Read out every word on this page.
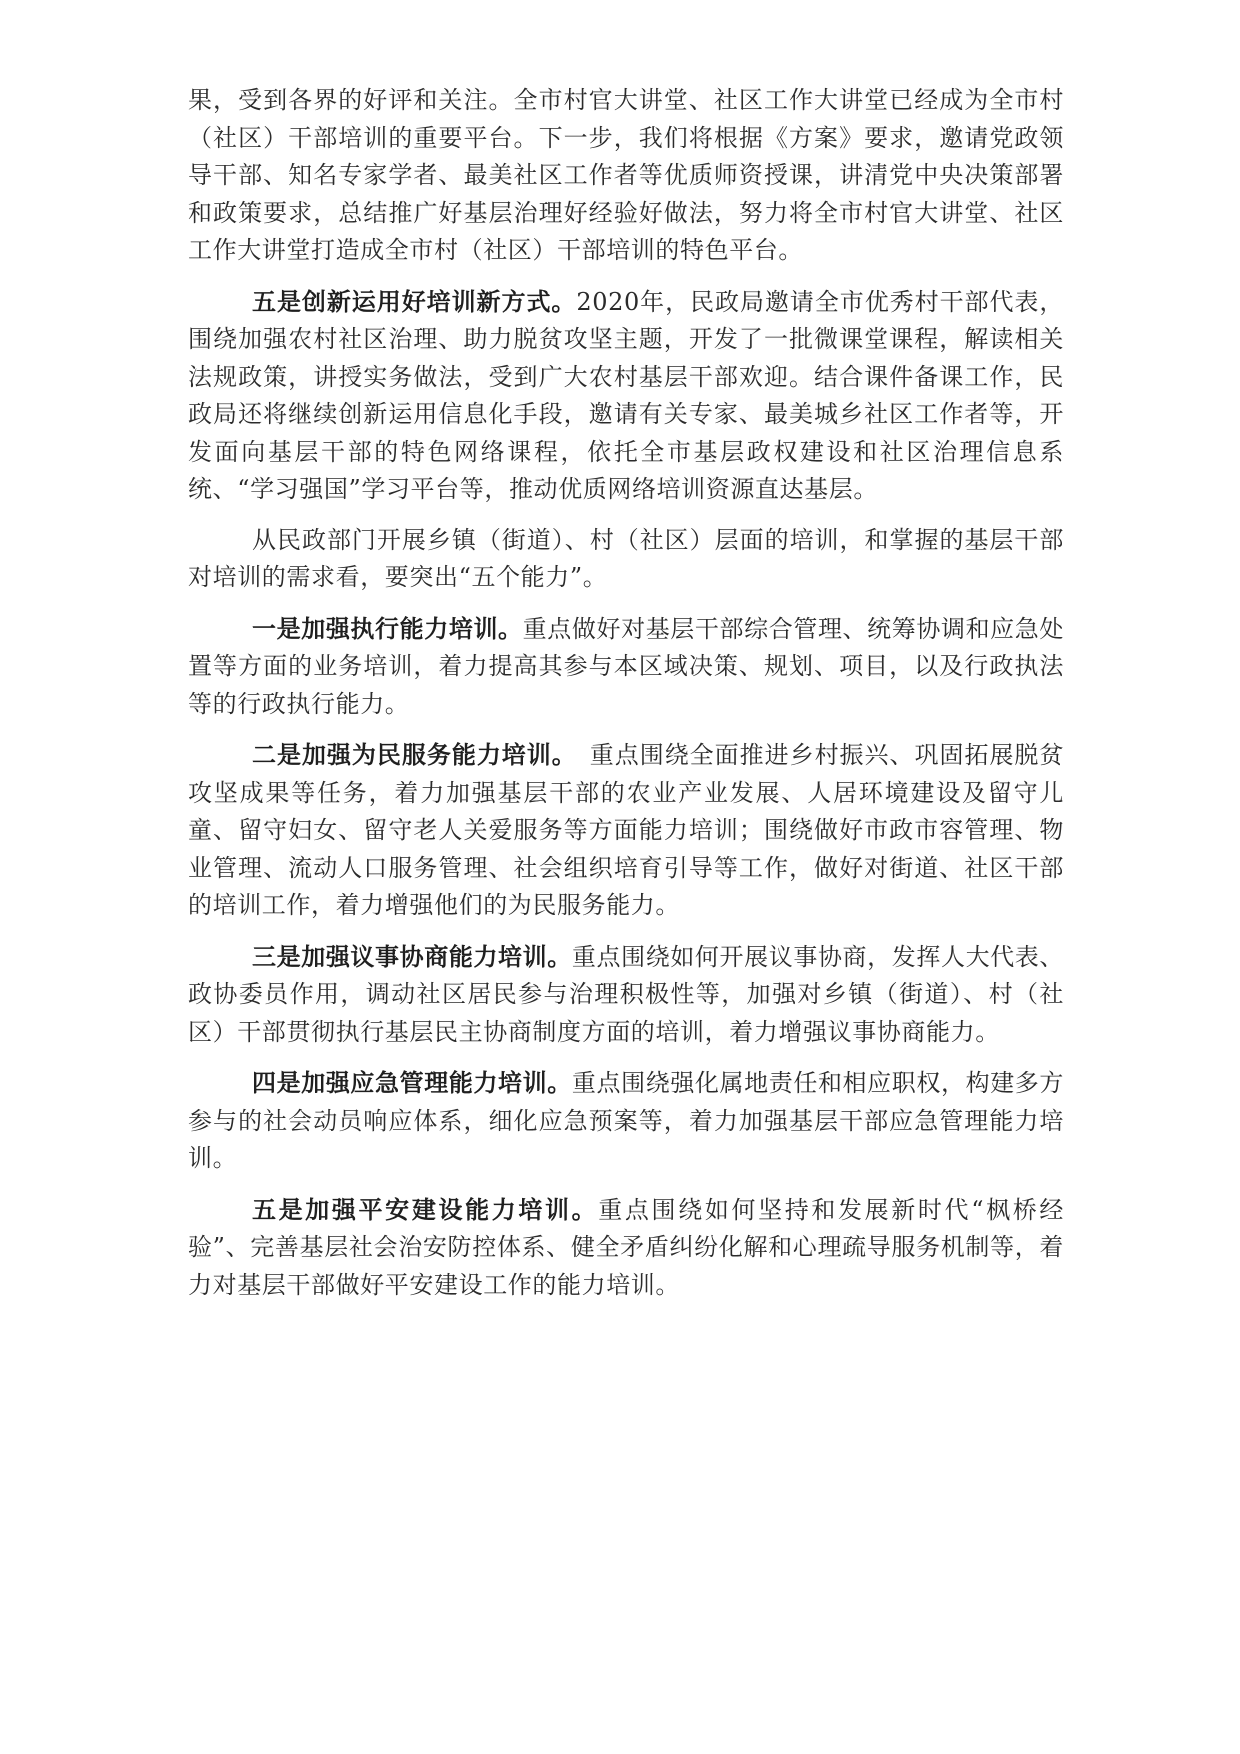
果，受到各界的好评和关注。全市村官大讲堂、社区工作大讲堂已经成为全市村（社区）干部培训的重要平台。下一步，我们将根据《方案》要求，邀请党政领导干部、知名专家学者、最美社区工作者等优质师资授课，讲清党中央决策部署和政策要求，总结推广好基层治理好经验好做法，努力将全市村官大讲堂、社区工作大讲堂打造成全市村（社区）干部培训的特色平台。

五是创新运用好培训新方式。2020年，民政局邀请全市优秀村干部代表，围绕加强农村社区治理、助力脱贫攻坚主题，开发了一批微课堂课程，解读相关法规政策，讲授实务做法，受到广大农村基层干部欢迎。结合课件备课工作，民政局还将继续创新运用信息化手段，邀请有关专家、最美城乡社区工作者等，开发面向基层干部的特色网络课程，依托全市基层政权建设和社区治理信息系统、“学习强国”学习平台等，推动优质网络培训资源直达基层。

从民政部门开展乡镇（街道）、村（社区）层面的培训，和掌握的基层干部对培训的需求看，要突出“五个能力”。

一是加强执行能力培训。重点做好对基层干部综合管理、统筹协调和应急处置等方面的业务培训，着力提高其参与本区域决策、规划、项目，以及行政执法等的行政执行能力。

二是加强为民服务能力培训。　重点围绕全面推进乡村振兴、巩固拓展脱贫攻坚成果等任务，着力加强基层干部的农业产业发展、人居环境建设及留守儿童、留守妇女、留守老人关爱服务等方面能力培训；围绕做好市政市容管理、物业管理、流动人口服务管理、社会组织培育引导等工作，做好对街道、社区干部的培训工作，着力增强他们的为民服务能力。

三是加强议事协商能力培训。重点围绕如何开展议事协商，发挥人大代表、政协委员作用，调动社区居民参与治理积极性等，加强对乡镇（街道）、村（社区）干部贯彻执行基层民主协商制度方面的培训，着力增强议事协商能力。

四是加强应急管理能力培训。重点围绕强化属地责任和相应职权，构建多方参与的社会动员响应体系，细化应急预案等，着力加强基层干部应急管理能力培训。

五是加强平安建设能力培训。重点围绕如何坚持和发展新时代“枫桥经验”、完善基层社会治安防控体系、健全矛盾纠纷化解和心理疏导服务机制等，着力对基层干部做好平安建设工作的能力培训。
